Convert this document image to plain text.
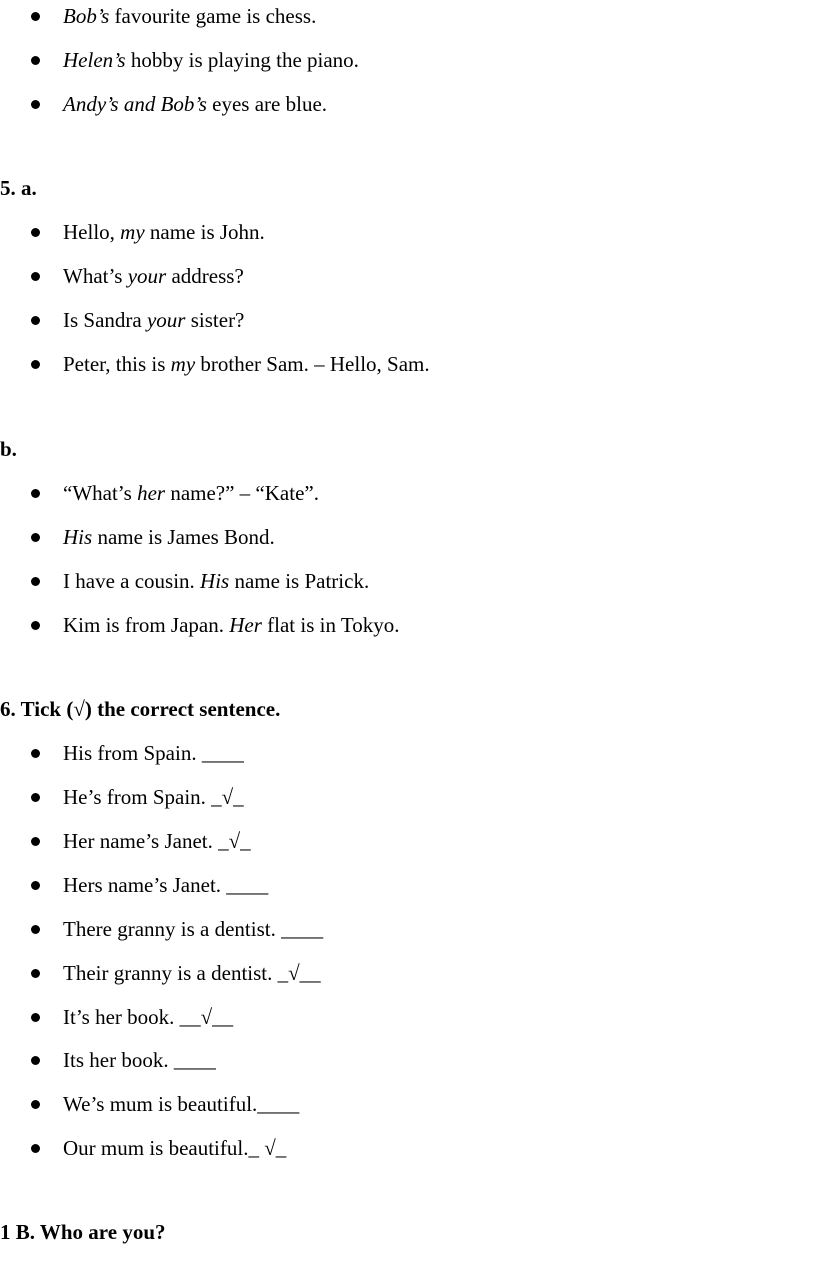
Bob’s favourite game is chess.
Helen’s hobby is playing the piano.
Andy’s and Bob’s eyes are blue.
5. a.
Hello, my name is John.
What’s your address?
Is Sandra your sister?
Peter, this is my brother Sam. – Hello, Sam.
b.
“What’s her name?” – “Kate”.
His name is James Bond.
I have a cousin. His name is Patrick.
Kim is from Japan. Her flat is in Tokyo.
6. Tick (√) the correct sentence.
His from Spain. ____
He’s from Spain. _√_
Her name’s Janet. _√_
Hers name’s Janet. ____
There granny is a dentist. ____
Their granny is a dentist. _√__
It’s her book. __√__
Its her book. ____
We’s mum is beautiful.____
Our mum is beautiful._ √_
1 B. Who are you?
